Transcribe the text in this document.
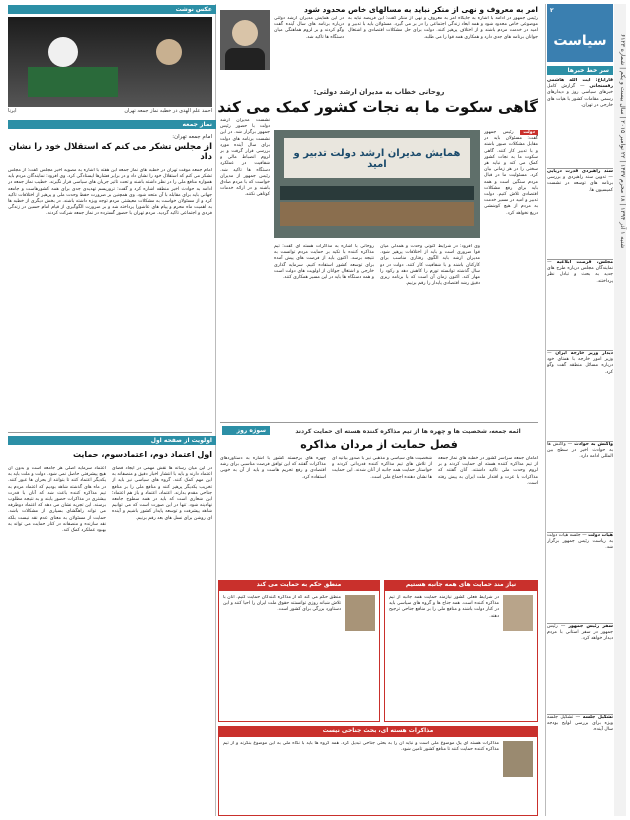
شنبه ۱ آذر ۱۳۹۴ | ۱۸ محرم ۱۴۳۷ | ۲۲ نوامبر ۲۰۱۵ | سال بیست و یکم | شماره ۶۱۲۳
۲
سیاست
سر خط خبرها
قاراباغ: آیت الله هاشمی رفسنجانی — گزارش کامل خبرهای سیاسی روز و دیدارهای رسمی مقامات کشور با هیات های خارجی در تهران.
سند راهبردی قدرت دریایی — تدوین سند راهبردی و بررسی برنامه های توسعه در نشست کمیسیون ها.
مجلس، فرصت ابلاغیه — نمایندگان مجلس درباره طرح های جدید به بحث و تبادل نظر پرداختند.
دیدار وزیر خارجه ایران — وزیر امور خارجه با همتای خود درباره مسائل منطقه گفت وگو کرد.
واکنش به حوادث — واکنش ها به حوادث اخیر در سطح بین المللی ادامه دارد.
هیات دولت — جلسه هیات دولت به ریاست رئیس جمهور برگزار شد.
سفر رئیس جمهور — رئیس جمهور در سفر استانی با مردم دیدار خواهد کرد.
تشکیل جلسه — تشکیل جلسه ویژه برای بررسی لوایح بودجه سال آینده.
امر به معروف و نهی از منکر نباید به مسالهای خاص محدود شود
رئیس جمهور در ادامه با اشاره به جایگاه امر به معروف و نهی از منکر گفت: این فریضه نباید به موضوعی خاص محدود شود و همه ابعاد زندگی اجتماعی را در بر می گیرد. مسئولان باید با تدبیر و امید در خدمت مردم باشند و از اختلاف پرهیز کنند. دولت برای حل مشکلات اقتصادی و اشتغال جوانان برنامه های جدی دارد و همکاری همه قوا را می طلبد.
در این همایش مدیران ارشد دولتی درباره برنامه های سال آینده گفت وگو کردند و بر لزوم هماهنگی میان دستگاه ها تاکید شد.
روحانی خطاب به مدیران ارشد دولتی:
گاهی سکوت ما به نجات کشور کمک می کند
همایش مدیران ارشد دولت تدبیر و امید
دولت رئیس جمهور گفت: مسئولان باید در مقابل مشکلات صبور باشند و با تدبیر کار کنند. گاهی سکوت ما به نجات کشور کمک می کند و نباید هر سخنی را در هر زمانی بیان کرد. مسئولیت ما در قبال مردم سنگین است و همه باید برای رفع مشکلات اقتصادی تلاش کنیم. دولت تدبیر و امید در مسیر خدمت به مردم از هیچ کوششی دریغ نخواهد کرد.
وی افزود: در شرایط کنونی وحدت و همدلی میان قوا ضروری است و باید از اختلافات پرهیز شود. مدیران ارشد باید الگوی رفتاری مناسب برای کارکنان باشند و با شفافیت کار کنند. دولت در دو سال گذشته توانسته تورم را کاهش دهد و رکود را مهار کند. اکنون زمان آن است که با برنامه ریزی دقیق رشد اقتصادی پایدار را رقم بزنیم.
روحانی با اشاره به مذاکرات هسته ای گفت: تیم مذاکره کننده با تکیه بر حمایت مردم توانست به نتیجه برسد. اکنون باید از فرصت های پیش آمده برای توسعه کشور استفاده کنیم. سرمایه گذاری خارجی و اشتغال جوانان از اولویت های دولت است و همه دستگاه ها باید در این مسیر همکاری کنند.
نشست مدیران ارشد دولت با حضور رئیس جمهور برگزار شد. در این نشست برنامه های دولت برای سال آینده مورد بررسی قرار گرفت و بر لزوم انضباط مالی و شفافیت در عملکرد دستگاه ها تاکید شد. رئیس جمهور از مدیران خواست که با مردم صادق باشند و در ارائه خدمات کوتاهی نکنند.
سوژه روز	ائمه جمعه، شخصیت ها و چهره ها از تیم مذاکره کننده هسته ای حمایت کردند
فصل حمایت از مردان مذاکره
امامان جمعه سراسر کشور در خطبه های نماز جمعه از تیم مذاکره کننده هسته ای حمایت کردند و بر لزوم وحدت ملی تاکید داشتند. آنان گفتند که مذاکرات با عزت و اقتدار ملت ایران به پیش رفته است.
شخصیت های سیاسی و مذهبی نیز با صدور بیانیه ای از تلاش های تیم مذاکره کننده قدردانی کردند و خواستار حمایت همه جانبه از آنان شدند. این حمایت ها نشان دهنده اجماع ملی است.
چهره های برجسته کشور با اشاره به دستاوردهای مذاکرات گفتند که این توافق فرصت مناسبی برای رشد اقتصادی و رفع تحریم هاست و باید از آن به خوبی استفاده کرد.
نیاز مند حمایت های همه جانبه هستیم
در شرایط فعلی کشور نیازمند حمایت همه جانبه از تیم مذاکره کننده است. همه جناح ها و گروه های سیاسی باید در کنار دولت باشند و منافع ملی را بر منافع جناحی ترجیح دهند.
منطق حکم به حمایت می کند
منطق حکم می کند که از مذاکره کنندگان حمایت کنیم. آنان با تلاش شبانه روزی توانستند حقوق ملت ایران را احیا کنند و این دستاورد بزرگی برای کشور است.
مذاکرات هسته ای، بحث جناحی نیست
مذاکرات هسته ای یک موضوع ملی است و نباید آن را به بحثی جناحی تبدیل کرد. همه گروه ها باید با نگاه ملی به این موضوع بنگرند و از تیم مذاکره کننده حمایت کنند تا منافع کشور تامین شود.
عکس نوشت
احمد علم الهدی در خطبه نماز جمعه تهران
ایرنا
نماز جمعه
امام جمعه تهران:
از مجلس تشکر می کنم که استقلال خود را نشان داد
امام جمعه موقت تهران در خطبه های نماز جمعه این هفته با اشاره به مصوبه اخیر مجلس گفت: از مجلس تشکر می کنم که استقلال خود را نشان داد و در برابر فشارها ایستادگی کرد. وی افزود: نمایندگان مردم باید همواره منافع ملی را در نظر داشته باشند و تحت تاثیر جریان های سیاسی قرار نگیرند. خطیب نماز جمعه در ادامه به حوادث اخیر منطقه اشاره کرد و گفت: تروریسم تهدیدی جدی برای همه کشورهاست و جامعه جهانی باید برای مقابله با آن متحد شود. وی همچنین بر ضرورت حفظ وحدت ملی و پرهیز از اختلافات تاکید کرد و از مسئولان خواست به مشکلات معیشتی مردم توجه ویژه داشته باشند. در بخش دیگری از خطبه ها به اهمیت ماه محرم و پیام های عاشورا پرداخته شد و بر ضرورت الگوگیری از قیام امام حسین در زندگی فردی و اجتماعی تاکید گردید. مردم تهران با حضور گسترده در نماز جمعه شرکت کردند.
اولویت از صفحه اول
اول اعتماد دوم، اعتمادسوم، حمایت
اعتماد سرمایه اصلی هر جامعه است و بدون آن هیچ پیشرفتی حاصل نمی شود. دولت و ملت باید به یکدیگر اعتماد کنند تا بتوانند از بحران ها عبور کنند. در ماه های گذشته شاهد بودیم که اعتماد مردم به تیم مذاکره کننده باعث شد که آنان با قدرت بیشتری در مذاکرات حضور یابند و به نتیجه مطلوب برسند. این تجربه نشان می دهد که اعتماد دوطرفه می تواند راهگشای بسیاری از مشکلات باشد. حمایت از مسئولان به معنای عدم نقد نیست بلکه نقد سازنده و منصفانه در کنار حمایت می تواند به بهبود عملکرد کمک کند.
در این میان رسانه ها نقش مهمی در ایجاد فضای اعتماد دارند و باید با انتشار اخبار دقیق و منصفانه به این مهم کمک کنند. گروه های سیاسی نیز باید از تخریب یکدیگر پرهیز کنند و منافع ملی را بر منافع جناحی مقدم بدارند. اعتماد، اعتماد و باز هم اعتماد؛ این شعاری است که باید در همه سطوح جامعه نهادینه شود. تنها در این صورت است که می توانیم شاهد پیشرفت و توسعه پایدار کشور باشیم و آینده ای روشن برای نسل های بعد رقم بزنیم.
